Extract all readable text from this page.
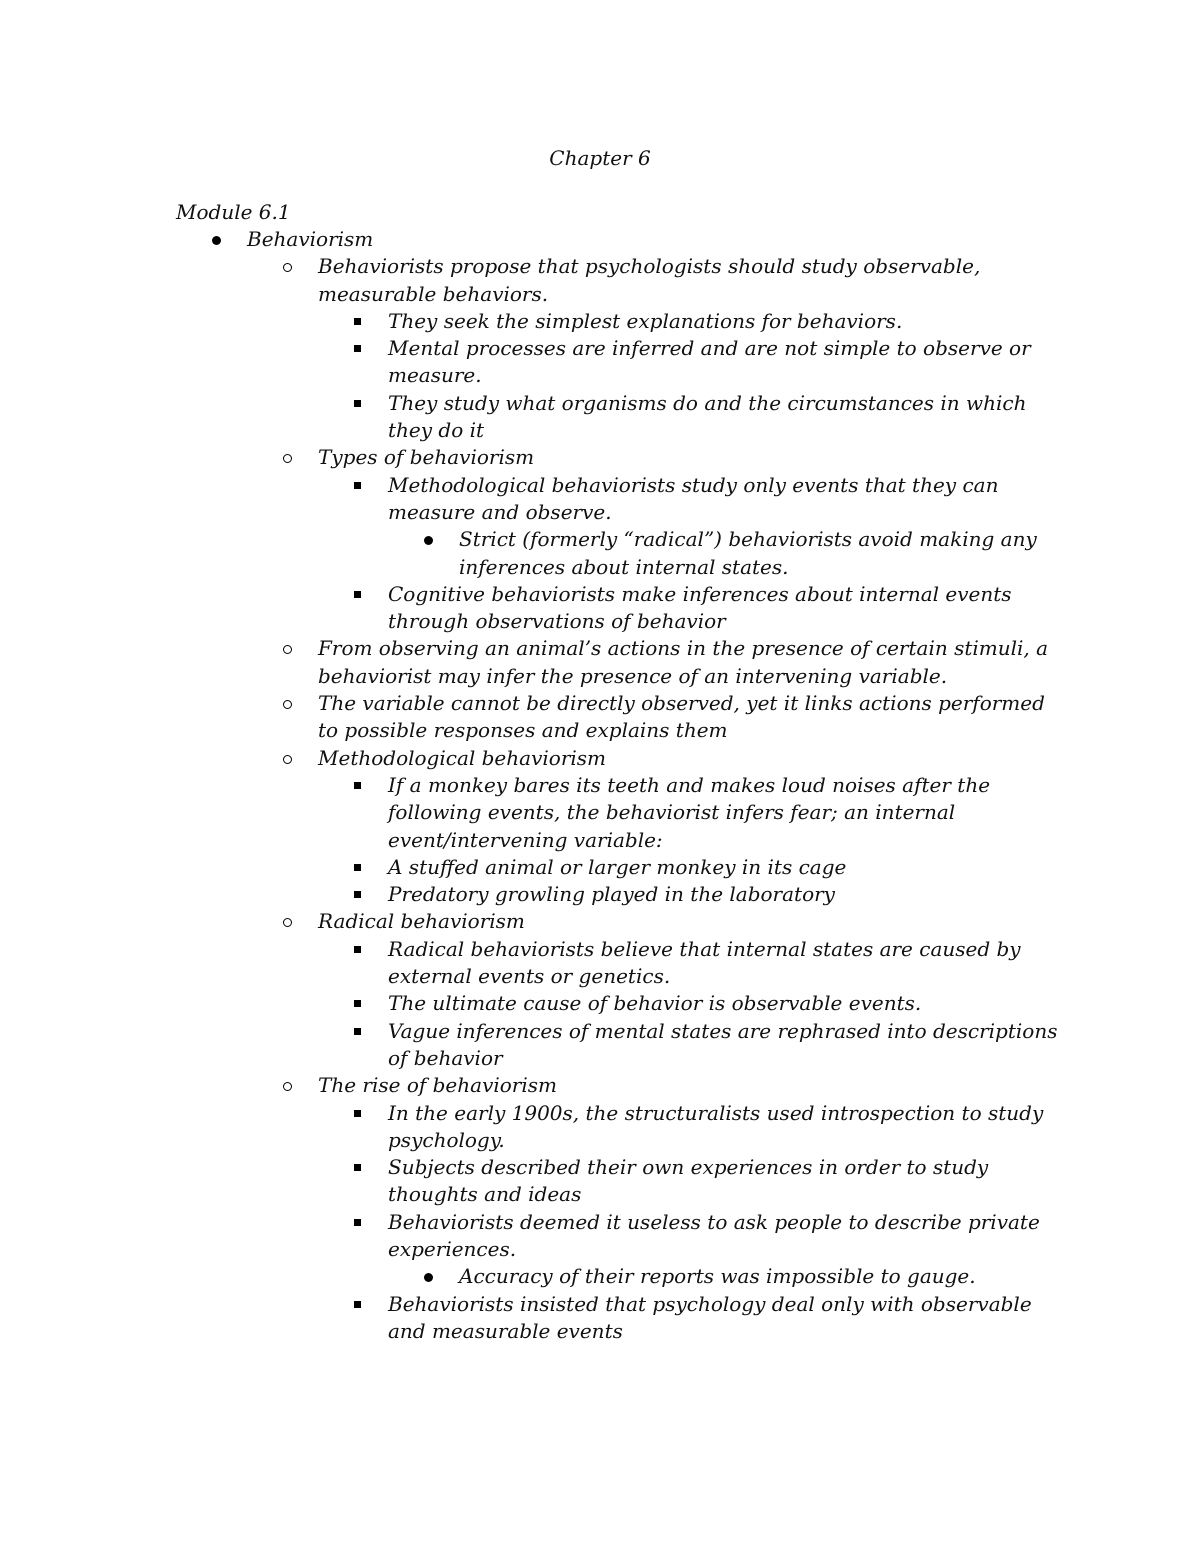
Chapter 6
Module 6.1
Behaviorism
Behaviorists propose that psychologists should study observable,
measurable behaviors.
They seek the simplest explanations for behaviors.
Mental processes are inferred and are not simple to observe or
measure.
They study what organisms do and the circumstances in which
they do it
Types of behaviorism
Methodological behaviorists study only events that they can
measure and observe.
Strict (formerly “radical”) behaviorists avoid making any
inferences about internal states.
Cognitive behaviorists make inferences about internal events
through observations of behavior
From observing an animal’s actions in the presence of certain stimuli, a
behaviorist may infer the presence of an intervening variable.
The variable cannot be directly observed, yet it links actions performed
to possible responses and explains them
Methodological behaviorism
If a monkey bares its teeth and makes loud noises after the
following events, the behaviorist infers fear; an internal
event/intervening variable:
A stuffed animal or larger monkey in its cage
Predatory growling played in the laboratory
Radical behaviorism
Radical behaviorists believe that internal states are caused by
external events or genetics.
The ultimate cause of behavior is observable events.
Vague inferences of mental states are rephrased into descriptions
of behavior
The rise of behaviorism
In the early 1900s, the structuralists used introspection to study
psychology.
Subjects described their own experiences in order to study
thoughts and ideas
Behaviorists deemed it useless to ask people to describe private
experiences.
Accuracy of their reports was impossible to gauge.
Behaviorists insisted that psychology deal only with observable
and measurable events
